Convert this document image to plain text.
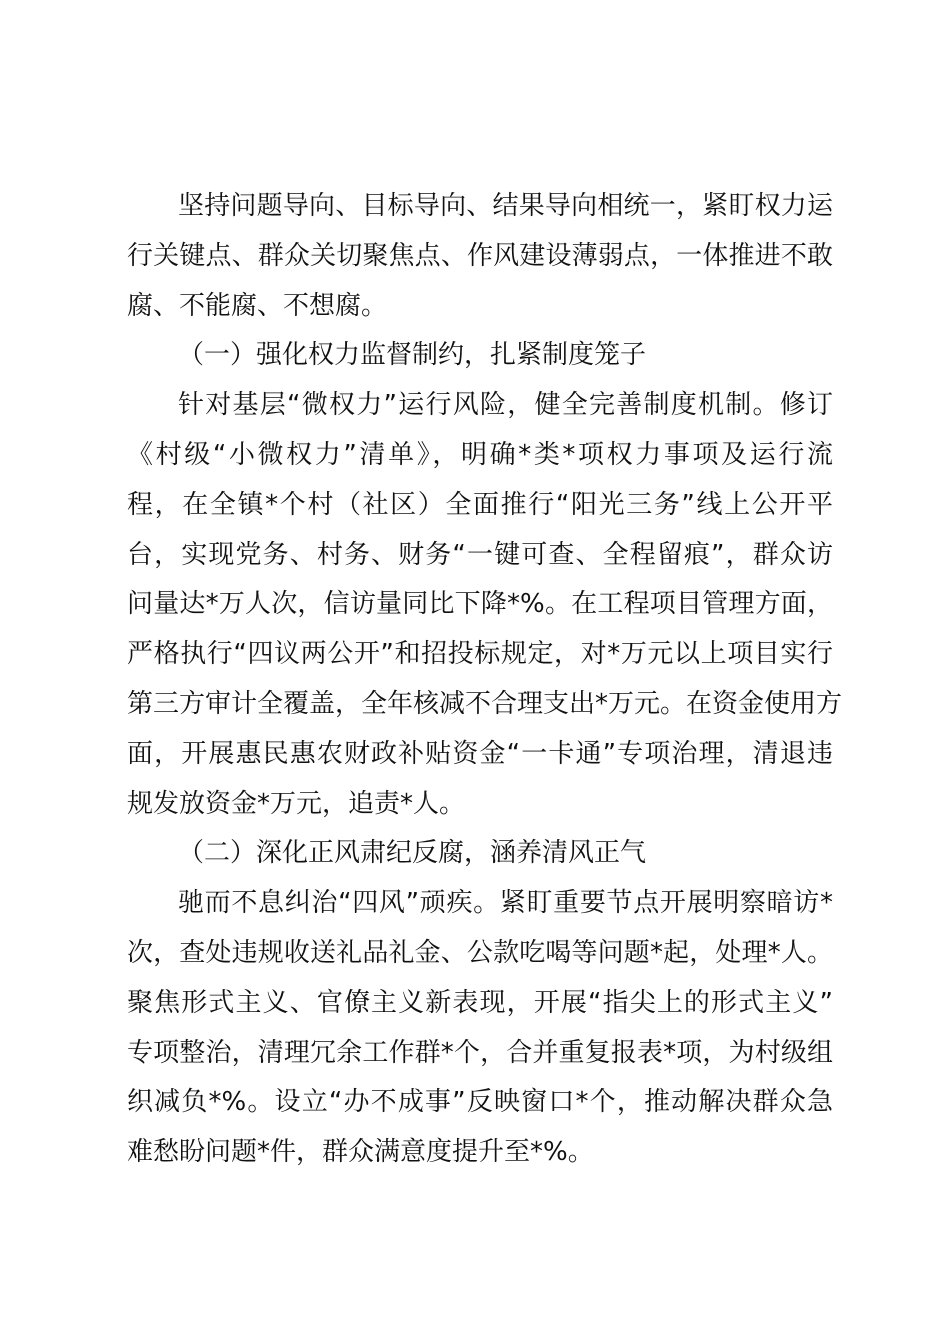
坚持问题导向、目标导向、结果导向相统一，紧盯权力运
行关键点、群众关切聚焦点、作风建设薄弱点，一体推进不敢
腐、不能腐、不想腐。
（一）强化权力监督制约，扎紧制度笼子
针对基层“微权力”运行风险，健全完善制度机制。修订
《村级“小微权力”清单》，明确*类*项权力事项及运行流
程，在全镇*个村（社区）全面推行“阳光三务”线上公开平
台，实现党务、村务、财务“一键可查、全程留痕”，群众访
问量达*万人次，信访量同比下降*%。在工程项目管理方面，
严格执行“四议两公开”和招投标规定，对*万元以上项目实行
第三方审计全覆盖，全年核减不合理支出*万元。在资金使用方
面，开展惠民惠农财政补贴资金“一卡通”专项治理，清退违
规发放资金*万元，追责*人。
（二）深化正风肃纪反腐，涵养清风正气
驰而不息纠治“四风”顽疾。紧盯重要节点开展明察暗访*
次，查处违规收送礼品礼金、公款吃喝等问题*起，处理*人。
聚焦形式主义、官僚主义新表现，开展“指尖上的形式主义”
专项整治，清理冗余工作群*个，合并重复报表*项，为村级组
织减负*%。设立“办不成事”反映窗口*个，推动解决群众急
难愁盼问题*件，群众满意度提升至*%。
